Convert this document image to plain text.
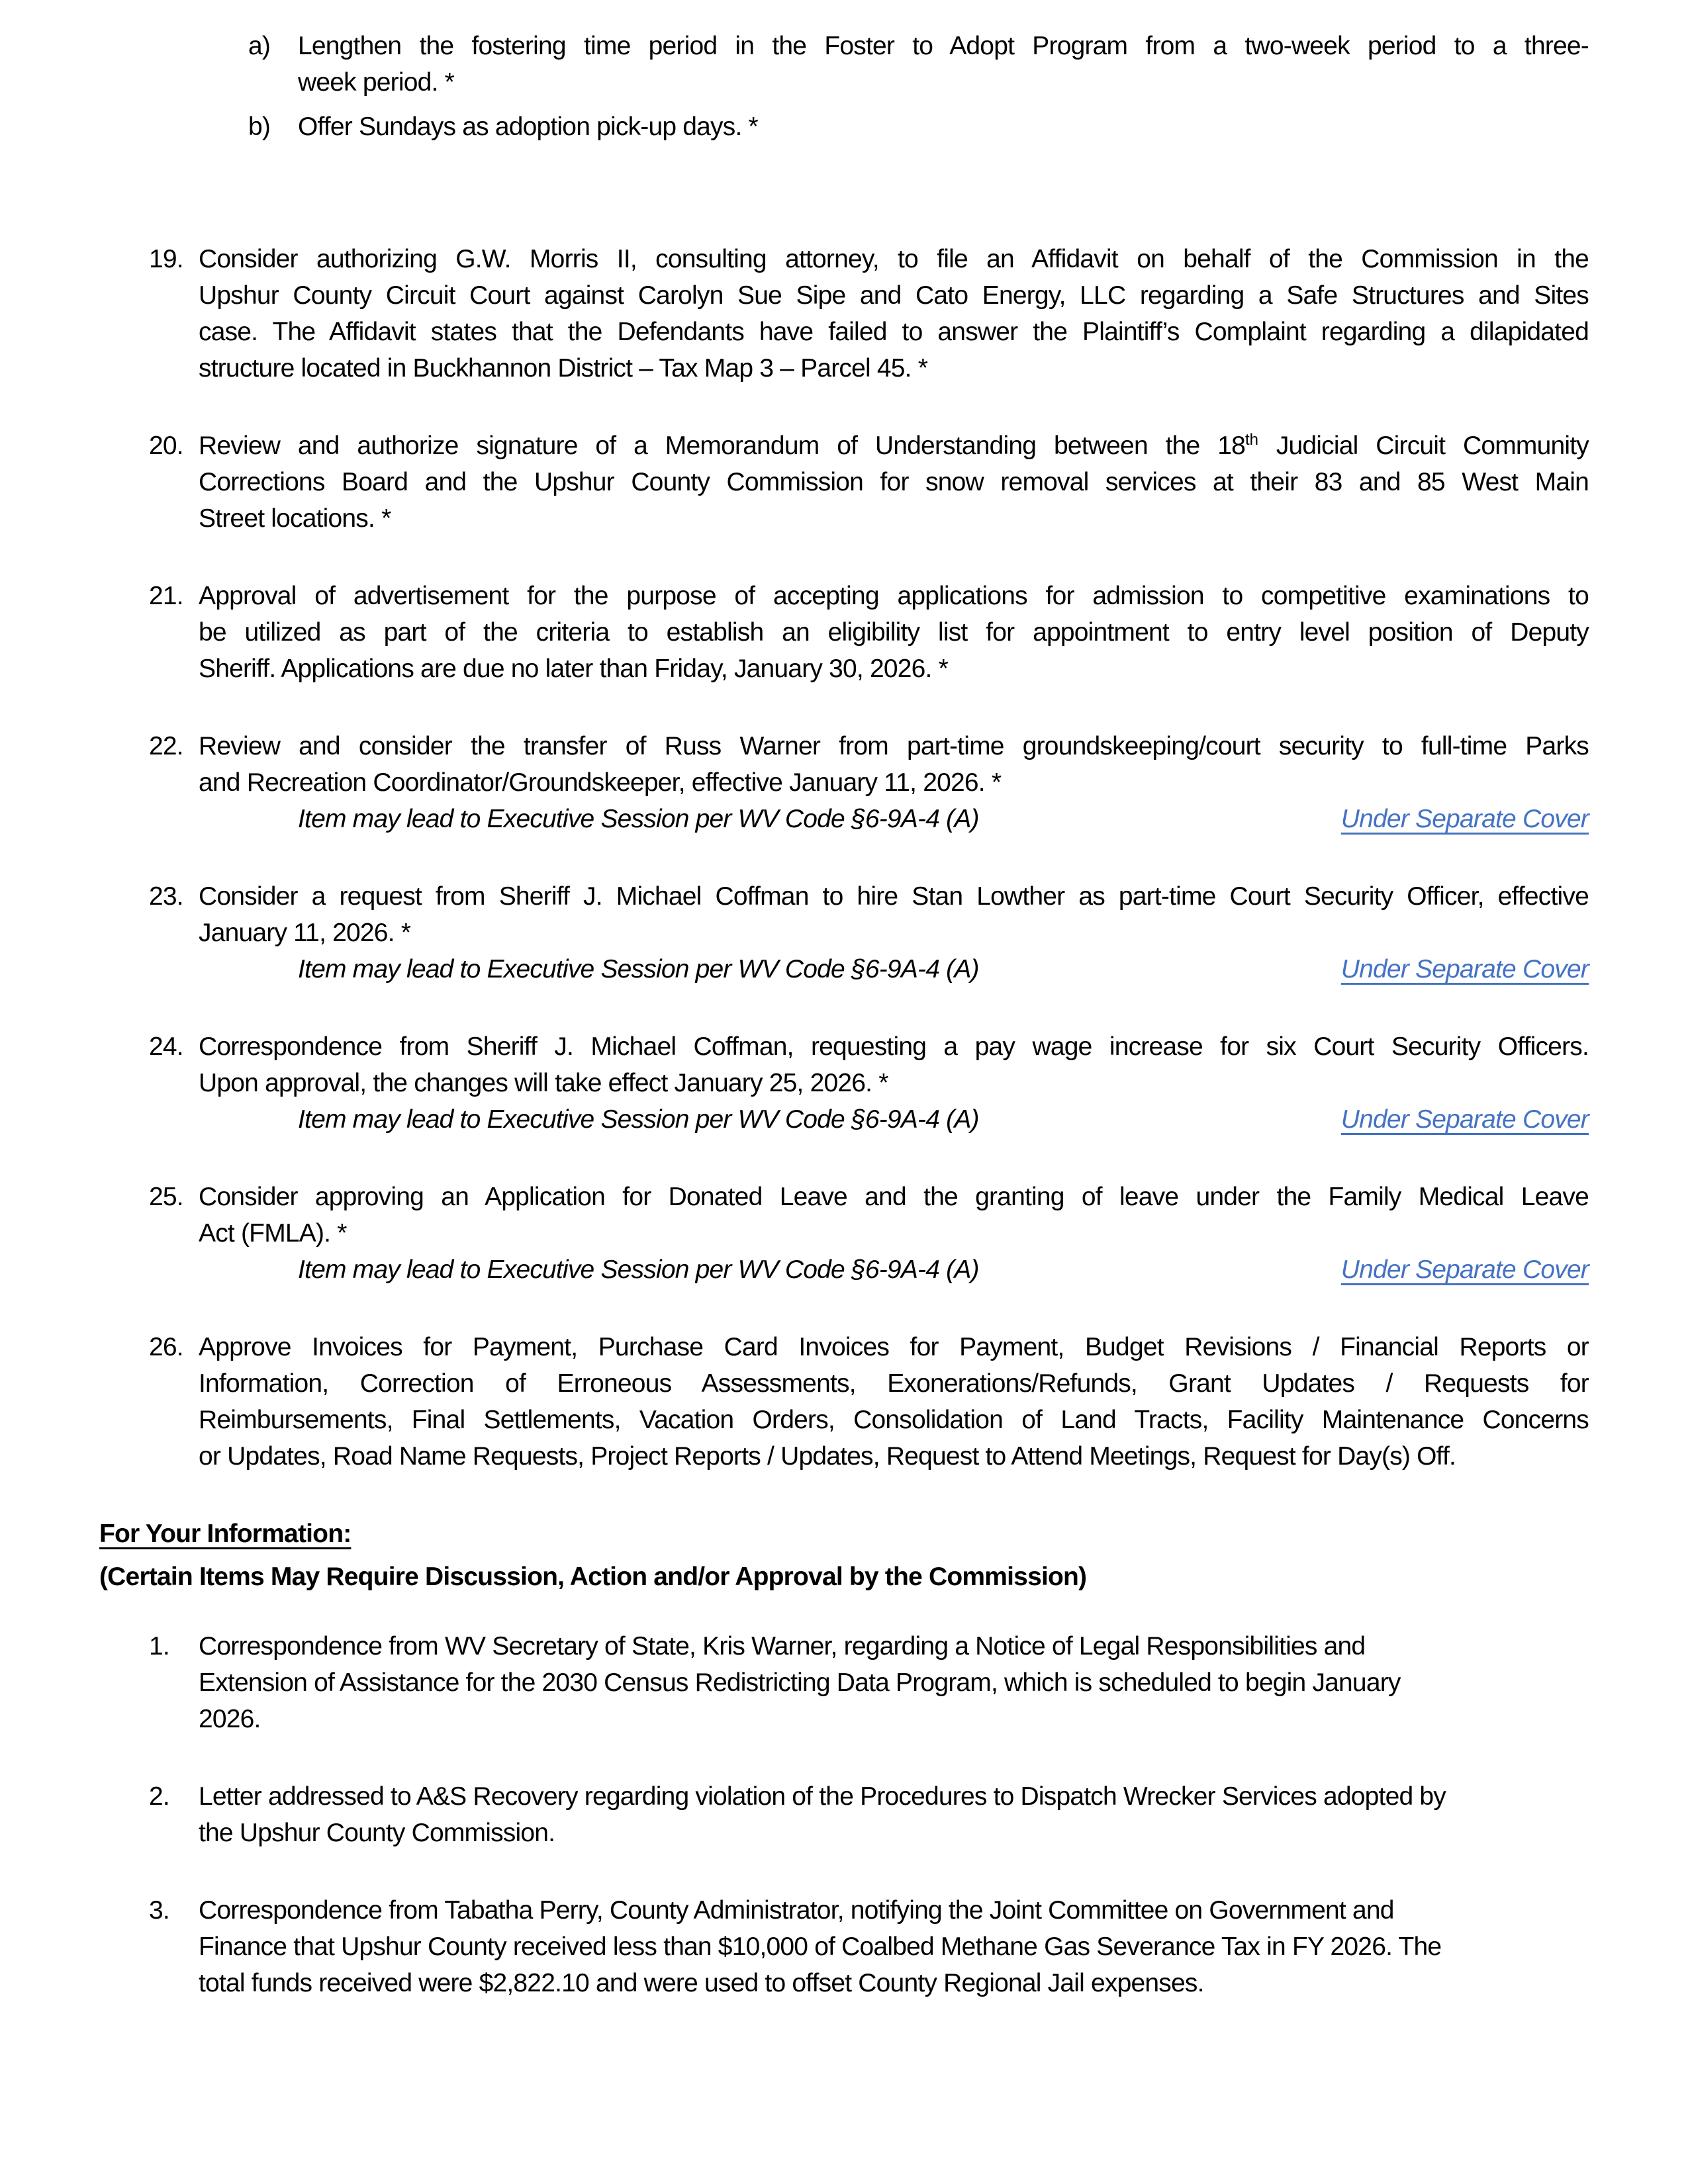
a) Lengthen the fostering time period in the Foster to Adopt Program from a two-week period to a three-
week period. *
b) Offer Sundays as adoption pick-up days. *
19. Consider authorizing G.W. Morris II, consulting attorney, to file an Affidavit on behalf of the Commission in the
Upshur County Circuit Court against Carolyn Sue Sipe and Cato Energy, LLC regarding a Safe Structures and Sites
case. The Affidavit states that the Defendants have failed to answer the Plaintiff’s Complaint regarding a dilapidated
structure located in Buckhannon District – Tax Map 3 – Parcel 45. *
20. Review and authorize signature of a Memorandum of Understanding between the 18th Judicial Circuit Community
Corrections Board and the Upshur County Commission for snow removal services at their 83 and 85 West Main
Street locations. *
21. Approval of advertisement for the purpose of accepting applications for admission to competitive examinations to
be utilized as part of the criteria to establish an eligibility list for appointment to entry level position of Deputy
Sheriff. Applications are due no later than Friday, January 30, 2026. *
22. Review and consider the transfer of Russ Warner from part-time groundskeeping/court security to full-time Parks
and Recreation Coordinator/Groundskeeper, effective January 11, 2026. *
Item may lead to Executive Session per WV Code §6-9A-4 (A)	Under Separate Cover
23. Consider a request from Sheriff J. Michael Coffman to hire Stan Lowther as part-time Court Security Officer, effective
January 11, 2026. *
Item may lead to Executive Session per WV Code §6-9A-4 (A)	Under Separate Cover
24. Correspondence from Sheriff J. Michael Coffman, requesting a pay wage increase for six Court Security Officers.
Upon approval, the changes will take effect January 25, 2026. *
Item may lead to Executive Session per WV Code §6-9A-4 (A)	Under Separate Cover
25. Consider approving an Application for Donated Leave and the granting of leave under the Family Medical Leave
Act (FMLA). *
Item may lead to Executive Session per WV Code §6-9A-4 (A)	Under Separate Cover
26. Approve Invoices for Payment, Purchase Card Invoices for Payment, Budget Revisions / Financial Reports or
Information, Correction of Erroneous Assessments, Exonerations/Refunds, Grant Updates / Requests for
Reimbursements, Final Settlements, Vacation Orders, Consolidation of Land Tracts, Facility Maintenance Concerns
or Updates, Road Name Requests, Project Reports / Updates, Request to Attend Meetings, Request for Day(s) Off.
For Your Information:
(Certain Items May Require Discussion, Action and/or Approval by the Commission)
1. Correspondence from WV Secretary of State, Kris Warner, regarding a Notice of Legal Responsibilities and
Extension of Assistance for the 2030 Census Redistricting Data Program, which is scheduled to begin January
2026.
2. Letter addressed to A&S Recovery regarding violation of the Procedures to Dispatch Wrecker Services adopted by
the Upshur County Commission.
3. Correspondence from Tabatha Perry, County Administrator, notifying the Joint Committee on Government and
Finance that Upshur County received less than $10,000 of Coalbed Methane Gas Severance Tax in FY 2026. The
total funds received were $2,822.10 and were used to offset County Regional Jail expenses.
